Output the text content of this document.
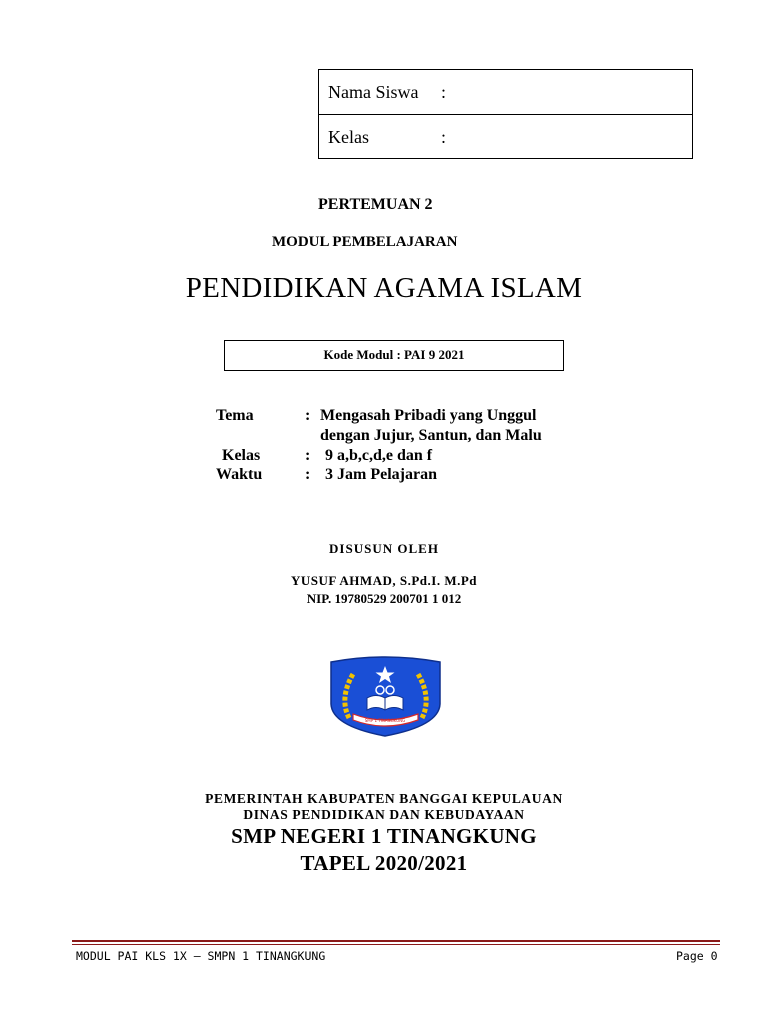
Nama Siswa :
Kelas	:
PERTEMUAN 2
MODUL PEMBELAJARAN
PENDIDIKAN AGAMA ISLAM
Kode Modul : PAI 9 2021
Tema	: Mengasah Pribadi yang Unggul
dengan Jujur, Santun, dan Malu
Kelas	: 9 a,b,c,d,e dan f
Waktu	: 3 Jam Pelajaran
DISUSUN OLEH
YUSUF AHMAD, S.Pd.I. M.Pd
NIP. 19780529 200701 1 012
SMP 1 TINANGKUNG
PEMERINTAH KABUPATEN BANGGAI KEPULAUAN
DINAS PENDIDIKAN DAN KEBUDAYAAN
SMP NEGERI 1 TINANGKUNG
TAPEL 2020/2021
MODUL PAI KLS 1X – SMPN 1 TINANGKUNG	Page 0
